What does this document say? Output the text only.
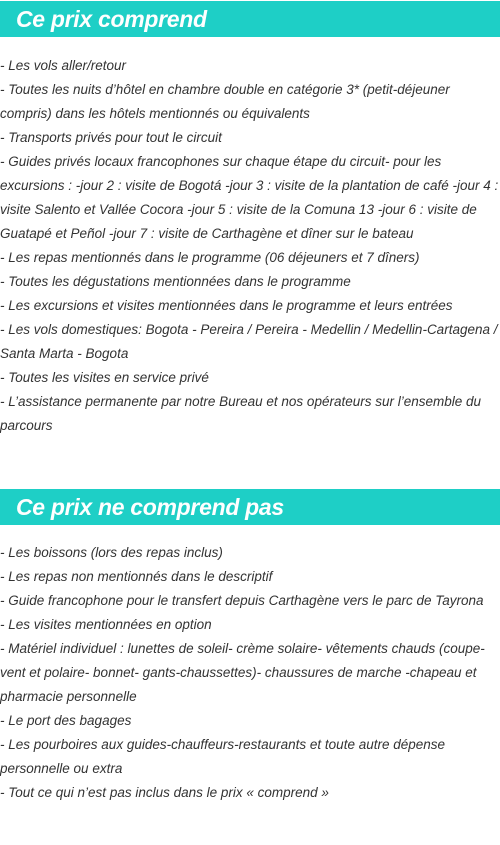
Ce prix comprend

- Les vols aller/retour

- Toutes les nuits d’hôtel en chambre double en catégorie 3* (petit-déjeuner compris) dans les hôtels mentionnés ou équivalents

- Transports privés pour tout le circuit

- Guides privés locaux francophones sur chaque étape du circuit- pour les excursions : -jour 2 : visite de Bogotá -jour 3 : visite de la plantation de café -jour 4 : visite Salento et Vallée Cocora -jour 5 : visite de la Comuna 13 -jour 6 : visite de Guatapé et Peñol -jour 7 : visite de Carthagène et dîner sur le bateau

- Les repas mentionnés dans le programme (06 déjeuners et 7 dîners)

- Toutes les dégustations mentionnées dans le programme

- Les excursions et visites mentionnées dans le programme et leurs entrées

- Les vols domestiques: Bogota - Pereira / Pereira - Medellin / Medellin-Cartagena / Santa Marta - Bogota

- Toutes les visites en service privé

- L’assistance permanente par notre Bureau et nos opérateurs sur l’ensemble du parcours

Ce prix ne comprend pas

- Les boissons (lors des repas inclus)

- Les repas non mentionnés dans le descriptif

- Guide francophone pour le transfert depuis Carthagène vers le parc de Tayrona

- Les visites mentionnées en option

- Matériel individuel : lunettes de soleil- crème solaire- vêtements chauds (coupe-vent et polaire- bonnet- gants-chaussettes)- chaussures de marche -chapeau et pharmacie personnelle

- Le port des bagages

- Les pourboires aux guides-chauffeurs-restaurants et toute autre dépense personnelle ou extra

- Tout ce qui n’est pas inclus dans le prix « comprend »
